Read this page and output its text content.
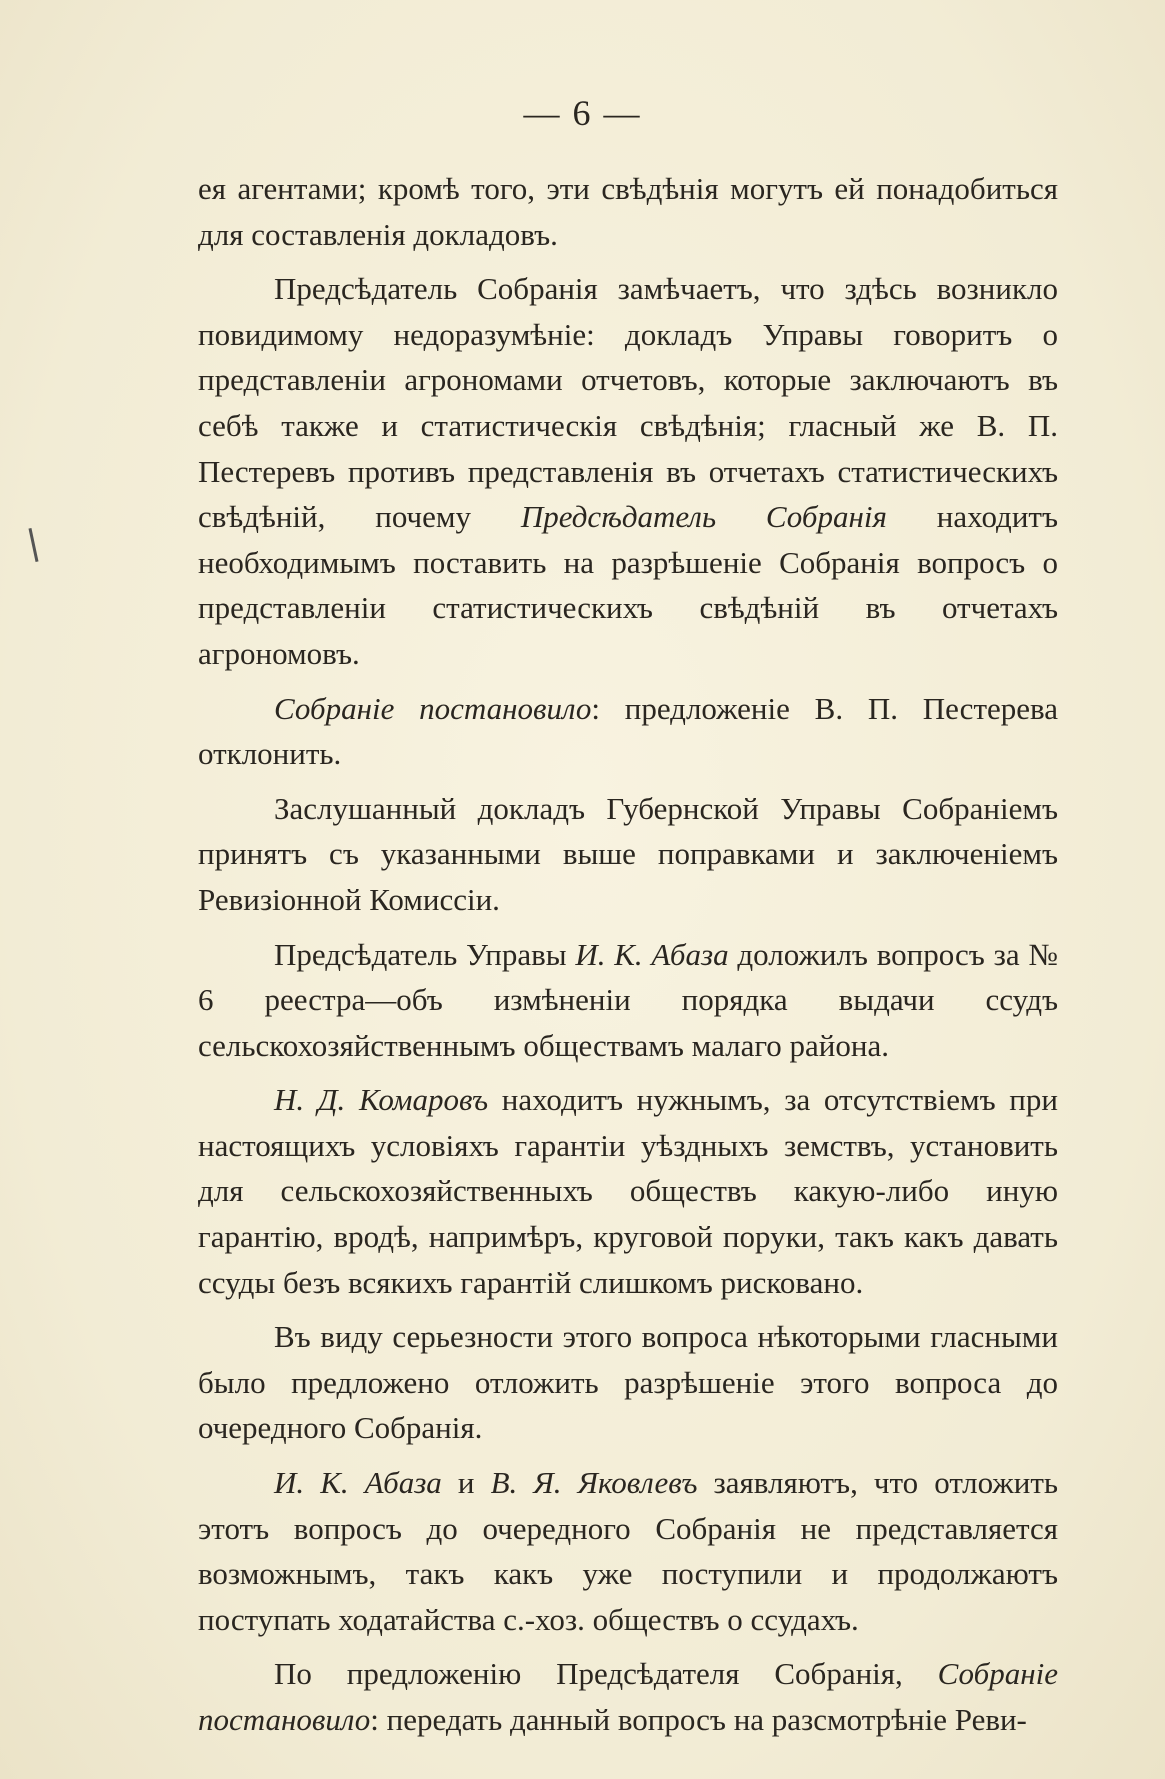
— 6 —

ея агентами; кромѣ того, эти свѣдѣнія могутъ ей понадобиться для составленія докладовъ.

Предсѣдатель Собранія замѣчаетъ, что здѣсь возникло повидимому недоразумѣніе: докладъ Управы говоритъ о представленіи агрономами отчетовъ, которые заключаютъ въ себѣ также и статистическія свѣдѣнія; гласный же В. П. Пестеревъ противъ представленія въ отчетахъ статистическихъ свѣдѣній, почему Предсѣдатель Собранія находитъ необходимымъ поставить на разрѣшеніе Собранія вопросъ о представленіи статистическихъ свѣдѣній въ отчетахъ агрономовъ.

Собраніе постановило: предложеніе В. П. Пестерева отклонить.

Заслушанный докладъ Губернской Управы Собраніемъ принятъ съ указанными выше поправками и заключеніемъ Ревизіонной Комиссіи.

Предсѣдатель Управы И. К. Абаза доложилъ вопросъ за № 6 реестра—объ измѣненіи порядка выдачи ссудъ сельскохозяйственнымъ обществамъ малаго района.

Н. Д. Комаровъ находитъ нужнымъ, за отсутствіемъ при настоящихъ условіяхъ гарантіи уѣздныхъ земствъ, установить для сельскохозяйственныхъ обществъ какую-либо иную гарантію, вродѣ, напримѣръ, круговой поруки, такъ какъ давать ссуды безъ всякихъ гарантій слишкомъ рисковано.

Въ виду серьезности этого вопроса нѣкоторыми гласными было предложено отложить разрѣшеніе этого вопроса до очередного Собранія.

И. К. Абаза и В. Я. Яковлевъ заявляютъ, что отложить этотъ вопросъ до очередного Собранія не представляется возможнымъ, такъ какъ уже поступили и продолжаютъ поступать ходатайства с.-хоз. обществъ о ссудахъ.

По предложенію Предсѣдателя Собранія, Собраніе постановило: передать данный вопросъ на разсмотрѣніе Реви-
